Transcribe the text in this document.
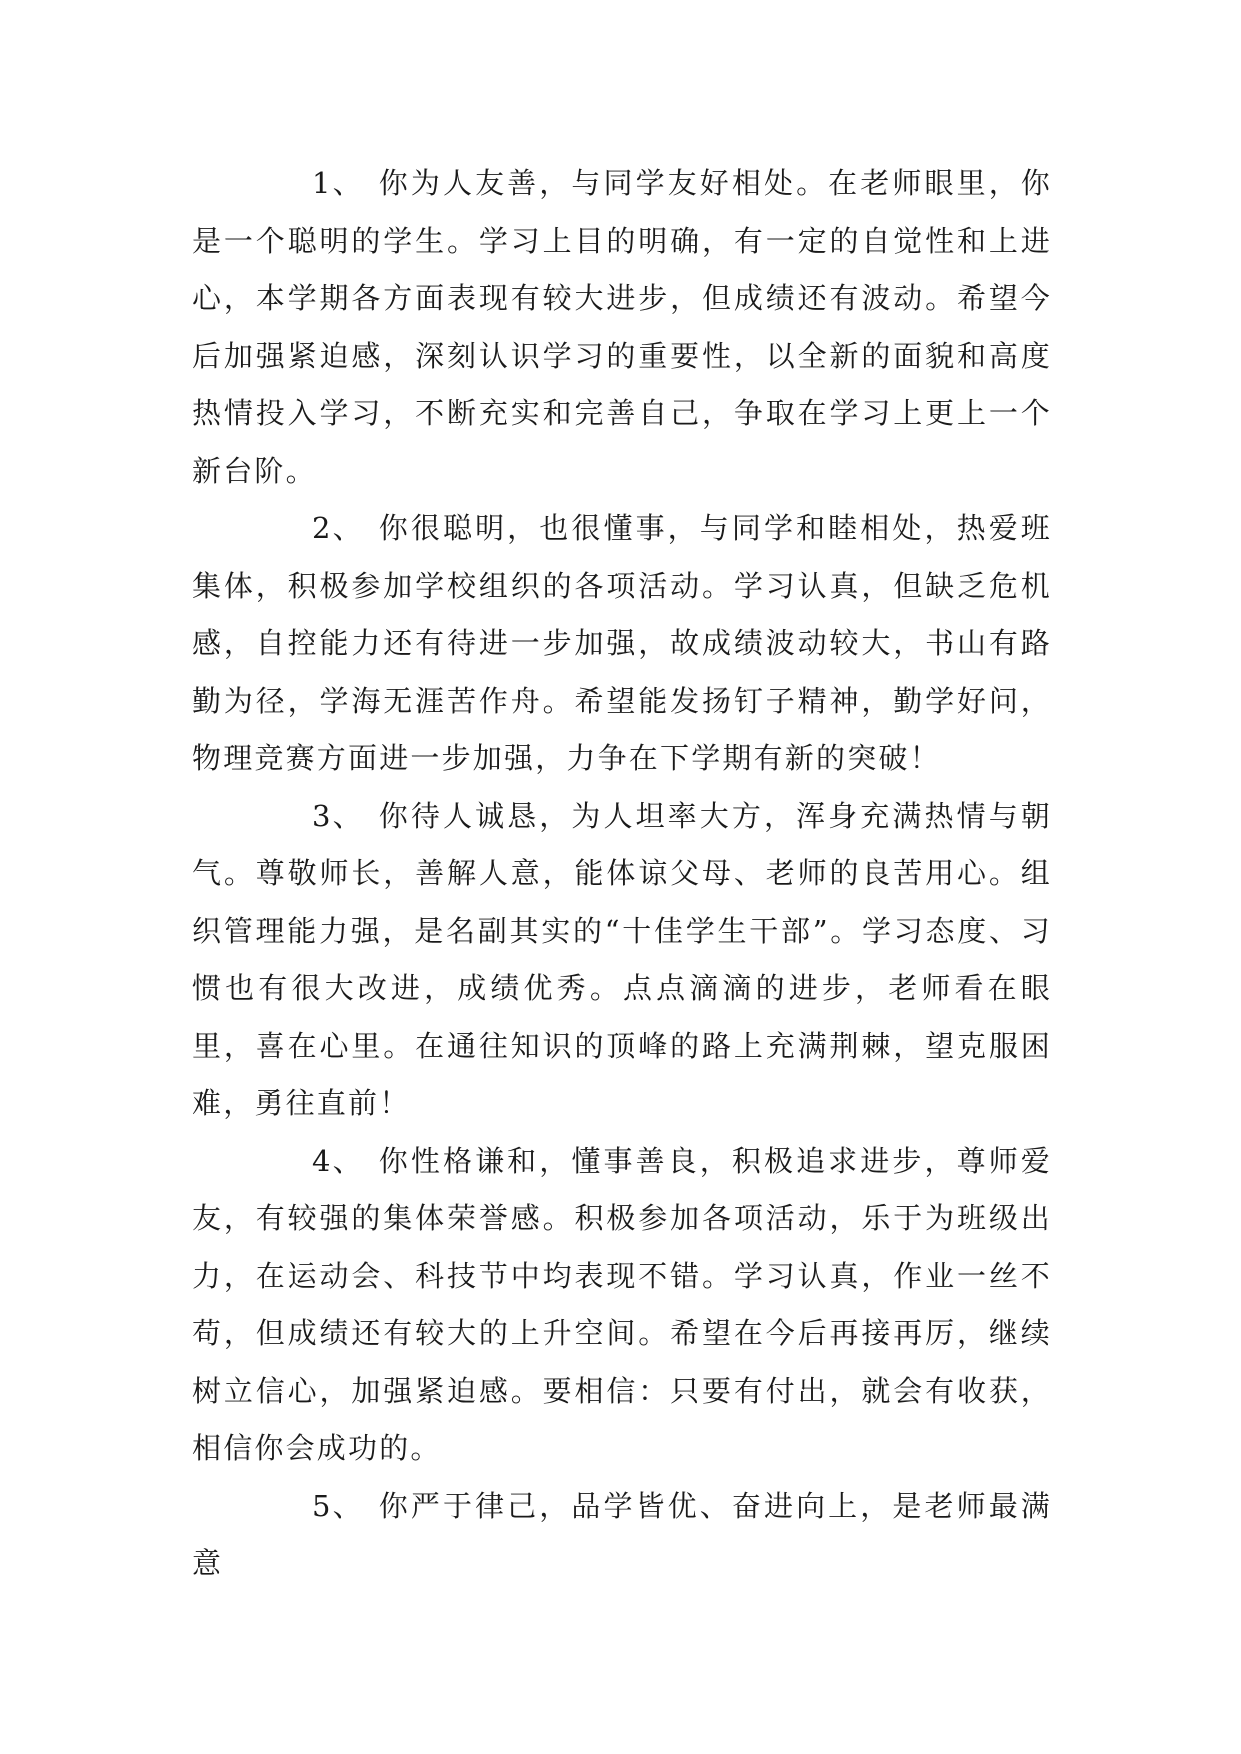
1、 你为人友善，与同学友好相处。在老师眼里，你是一个聪明的学生。学习上目的明确，有一定的自觉性和上进心，本学期各方面表现有较大进步，但成绩还有波动。希望今后加强紧迫感，深刻认识学习的重要性，以全新的面貌和高度热情投入学习，不断充实和完善自己，争取在学习上更上一个新台阶。

2、 你很聪明，也很懂事，与同学和睦相处，热爱班集体，积极参加学校组织的各项活动。学习认真，但缺乏危机感，自控能力还有待进一步加强，故成绩波动较大，书山有路勤为径，学海无涯苦作舟。希望能发扬钉子精神，勤学好问，物理竞赛方面进一步加强，力争在下学期有新的突破！

3、 你待人诚恳，为人坦率大方，浑身充满热情与朝气。尊敬师长，善解人意，能体谅父母、老师的良苦用心。组织管理能力强，是名副其实的“十佳学生干部”。学习态度、习惯也有很大改进，成绩优秀。点点滴滴的进步，老师看在眼里，喜在心里。在通往知识的顶峰的路上充满荆棘，望克服困难，勇往直前！

4、 你性格谦和，懂事善良，积极追求进步，尊师爱友，有较强的集体荣誉感。积极参加各项活动，乐于为班级出力，在运动会、科技节中均表现不错。学习认真，作业一丝不苟，但成绩还有较大的上升空间。希望在今后再接再厉，继续树立信心，加强紧迫感。要相信：只要有付出，就会有收获，相信你会成功的。

5、 你严于律己，品学皆优、奋进向上，是老师最满意
